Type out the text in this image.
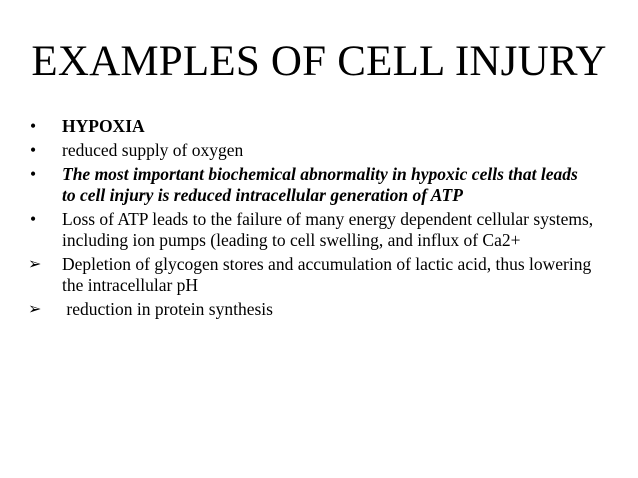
EXAMPLES OF CELL INJURY
•	HYPOXIA
•	reduced supply of oxygen
•	The most important biochemical abnormality in hypoxic cells that leads
to cell injury is reduced intracellular generation of ATP
•	Loss of ATP leads to the failure of many energy dependent cellular systems,
including ion pumps (leading to cell swelling, and influx of Ca2+
➢	Depletion of glycogen stores and accumulation of lactic acid, thus lowering
the intracellular pH
➢	reduction in protein synthesis
